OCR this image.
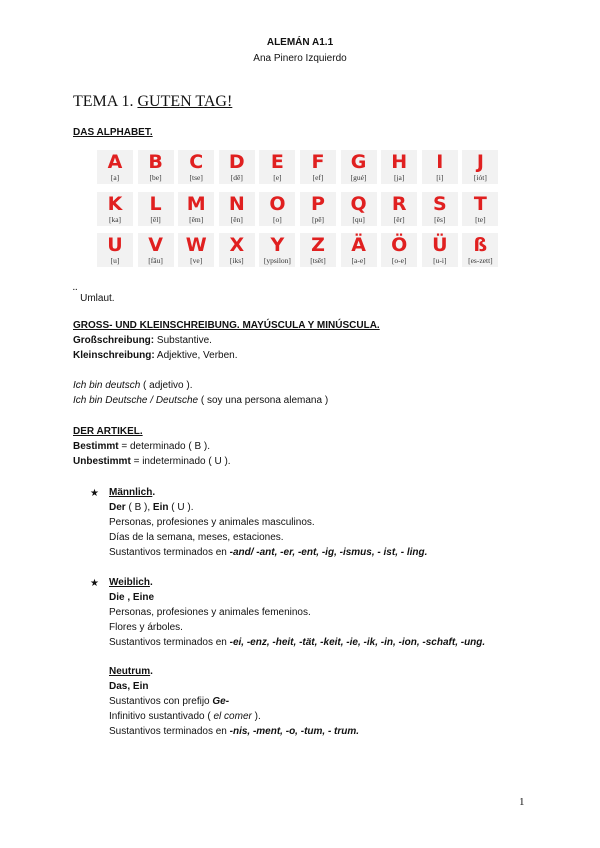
ALEMÁN A1.1
Ana Pinero Izquierdo
TEMA 1. GUTEN TAG!
DAS ALPHABET.
A
[a]
B
[be]
C
[tse]
D
[dē]
E
[e]
F
[ef]
G
[gué]
H
[ja]
I
[i]
J
[iót]
K
[ka]
L
[ěl]
M
[ěm]
N
[ěn]
O
[o]
P
[pē]
Q
[qu]
R
[ěr]
S
[ěs]
T
[te]
U
[u]
V
[fāu]
W
[ve]
X
[iks]
Y
[ypsilon]
Z
[tsēt]
Ä
[a-e]
Ö
[o-e]
Ü
[u-i]
ß
[es-zett]
¨ Umlaut.
GROSS- UND KLEINSCHREIBUNG. MAYÚSCULA Y MINÚSCULA.
Großschreibung: Substantive.
Kleinschreibung: Adjektive, Verben.
Ich bin deutsch ( adjetivo ).
Ich bin Deutsche / Deutsche ( soy una persona alemana )
DER ARTIKEL.
Bestimmt = determinado ( B ).
Unbestimmt = indeterminado ( U ).
★ Männlich.
Der ( B ), Ein ( U ).
Personas, profesiones y animales masculinos.
Días de la semana, meses, estaciones.
Sustantivos terminados en -and/ -ant, -er, -ent, -ig, -ismus, - ist, - ling.
★ Weiblich.
Die , Eine
Personas, profesiones y animales femeninos.
Flores y árboles.
Sustantivos terminados en -ei, -enz, -heit, -tät, -keit, -ie, -ik, -in, -ion, -schaft, -ung.
Neutrum.
Das, Ein
Sustantivos con prefijo Ge-
Infinitivo sustantivado ( el comer ).
Sustantivos terminados en -nis, -ment, -o, -tum, - trum.
1
